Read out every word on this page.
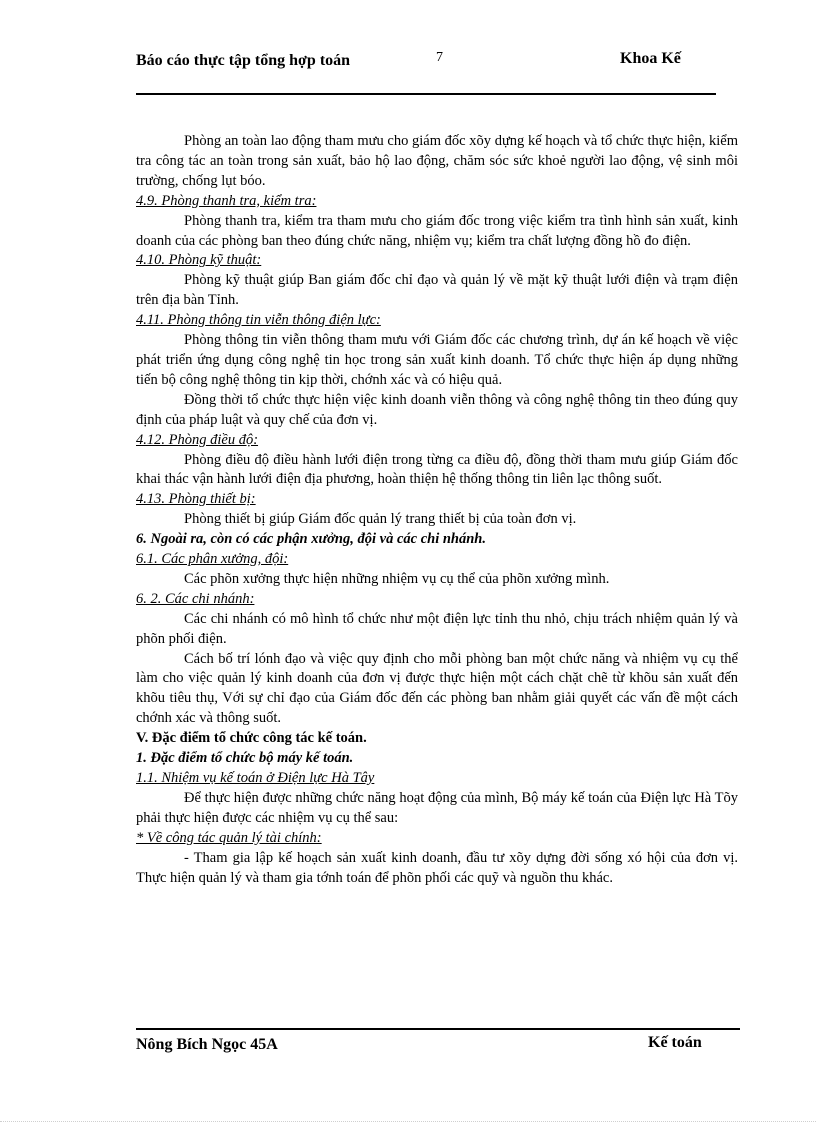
Báo cáo thực tập tổng hợp toán	7	Khoa Kế

Phòng an toàn lao động tham mưu cho giám đốc xõy dựng kế hoạch và tổ chức thực hiện, kiểm tra công tác an toàn trong sản xuất, bảo hộ lao động, chăm sóc sức khoẻ người lao động, vệ sinh môi trường, chống lụt bóo.

4.9. Phòng thanh tra, kiểm tra:

Phòng thanh tra, kiểm tra tham mưu cho giám đốc trong việc kiểm tra tình hình sản xuất, kinh doanh của các phòng ban theo đúng chức năng, nhiệm vụ; kiểm tra chất lượng đồng hồ đo điện.

4.10. Phòng kỹ thuật:

Phòng kỹ thuật giúp Ban giám đốc chỉ đạo và quản lý về mặt kỹ thuật lưới điện và trạm điện trên địa bàn Tỉnh.

4.11. Phòng thông tin viễn thông điện lực:

Phòng thông tin viễn thông tham mưu với Giám đốc các chương trình, dự án kế hoạch về việc phát triển ứng dụng công nghệ tin học trong sản xuất kinh doanh. Tổ chức thực hiện áp dụng những tiến bộ công nghệ thông tin kịp thời, chớnh xác và có hiệu quả.

Đồng thời tổ chức thực hiện việc kinh doanh viễn thông và công nghệ thông tin theo đúng quy định của pháp luật và quy chế của đơn vị.

4.12. Phòng điều độ:

Phòng điều độ điều hành lưới điện trong từng ca điều độ, đồng thời tham mưu giúp Giám đốc khai thác vận hành lưới điện địa phương, hoàn thiện hệ thống thông tin liên lạc thông suốt.

4.13. Phòng thiết bị:

Phòng thiết bị giúp Giám đốc quản lý trang thiết bị của toàn đơn vị.

6. Ngoài ra, còn có các phận xưởng, đội và các chi nhánh.

6.1. Các phân xưởng, đội:

Các phõn xưởng thực hiện những nhiệm vụ cụ thể của phõn xưởng mình.

6. 2. Các chi nhánh:

Các chi nhánh có mô hình tổ chức như một điện lực tỉnh thu nhỏ, chịu trách nhiệm quản lý và phõn phối điện.

Cách bố trí lónh đạo và việc quy định cho mỗi phòng ban một chức năng và nhiệm vụ cụ thể làm cho việc quản lý kinh doanh của đơn vị được thực hiện một cách chặt chẽ từ khõu sản xuất đến khõu tiêu thụ, Với sự chỉ đạo của Giám đốc đến các phòng ban nhằm giải quyết các vấn đề một cách chớnh xác và thông suốt.

V. Đặc điểm tổ chức công tác kế toán.

1. Đặc điểm tổ chức bộ máy kế toán.

1.1. Nhiệm vụ kế toán ở Điện lực Hà Tây

Để thực hiện được những chức năng hoạt động của mình, Bộ máy kế toán của Điện lực Hà Tõy phải thực hiện được các nhiệm vụ cụ thể sau:

* Về công tác quản lý tài chính:

- Tham gia lập kế hoạch sản xuất kinh doanh, đầu tư xõy dựng đời sống xó hội của đơn vị. Thực hiện quản lý và tham gia tớnh toán để phõn phối các quỹ và nguồn thu khác.

Nông Bích Ngọc 45A	Kế toán
